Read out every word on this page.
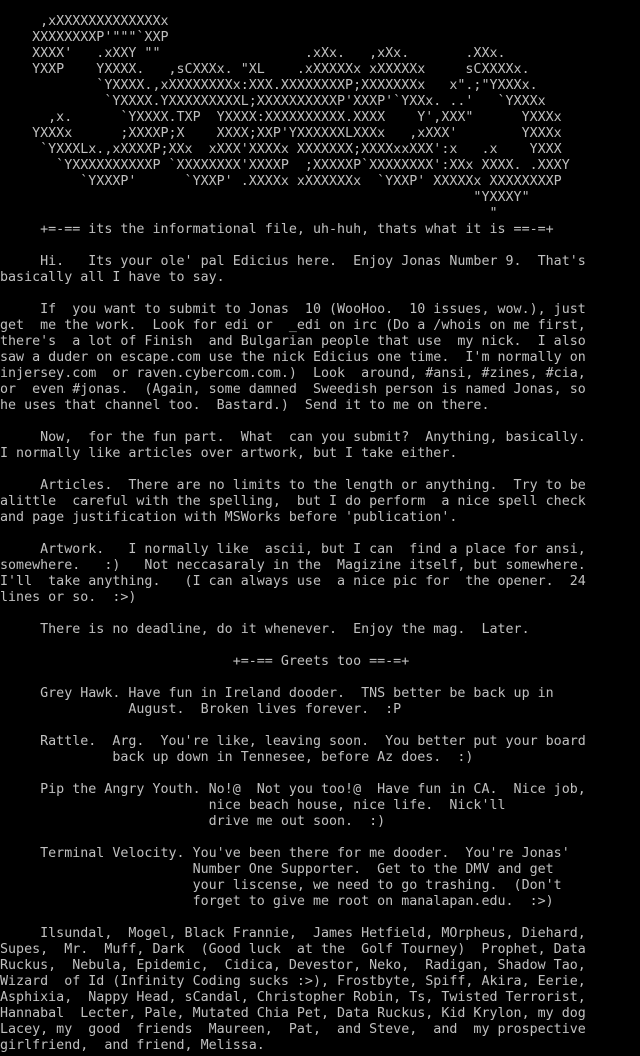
,xXXXXXXXXXXXXXx
XXXXXXXXP'"""`XXP
XXXX'   .xXXY ""                  .xXx.   ,xXx.       .XXx.
YXXP    YXXXX.   ,sCXXXx. "XL    .xXXXXXx xXXXXXx     sCXXXXx.
`YXXXX.,xXXXXXXXXx:XXX.XXXXXXXXP;XXXXXXXx   x".;"YXXXx.
`YXXXX.YXXXXXXXXXL;XXXXXXXXXXP'XXXP'`YXXx. ..'   `YXXXx
,x.      `YXXXX.TXP  YXXXX:XXXXXXXXXX.XXXX    Y',XXX"      YXXXx
YXXXx      ;XXXXP;X    XXXX;XXP'YXXXXXXLXXXx   ,xXXX'        YXXXx
`YXXXLx.,xXXXXP;XXx  xXXX'XXXXx XXXXXXX;XXXXxxXXX':x   .x    YXXX
`YXXXXXXXXXXP `XXXXXXXX'XXXXP  ;XXXXXP`XXXXXXXX':XXx XXXX. .XXXY
`YXXXP'      `YXXP' .XXXXx xXXXXXXx  `YXXP' XXXXXx XXXXXXXXP
"YXXXY"
"
+=-== its the informational file, uh-huh, thats what it is ==-=+
Hi.   Its your ole' pal Edicius here.  Enjoy Jonas Number 9.  That's
basically all I have to say.
If  you want to submit to Jonas  10 (WooHoo.  10 issues, wow.), just
get  me the work.  Look for edi or  _edi on irc (Do a /whois on me first,
there's  a lot of Finish  and Bulgarian people that use  my nick.  I also
saw a duder on escape.com use the nick Edicius one time.  I'm normally on
injersey.com  or raven.cybercom.com.)  Look  around, #ansi, #zines, #cia,
or  even #jonas.  (Again, some damned  Sweedish person is named Jonas, so
he uses that channel too.  Bastard.)  Send it to me on there.
Now,  for the fun part.  What  can you submit?  Anything, basically.
I normally like articles over artwork, but I take either.
Articles.  There are no limits to the length or anything.  Try to be
alittle  careful with the spelling,  but I do perform  a nice spell check
and page justification with MSWorks before 'publication'.
Artwork.   I normally like  ascii, but I can  find a place for ansi,
somewhere.   :)   Not neccasaraly in the  Magizine itself, but somewhere.
I'll  take anything.   (I can always use  a nice pic for  the opener.  24
lines or so.  :>)
There is no deadline, do it whenever.  Enjoy the mag.  Later.
+=-== Greets too ==-=+
Grey Hawk. Have fun in Ireland dooder.  TNS better be back up in
August.  Broken lives forever.  :P
Rattle.  Arg.  You're like, leaving soon.  You better put your board
back up down in Tennesee, before Az does.  :)
Pip the Angry Youth. No!@  Not you too!@  Have fun in CA.  Nice job,
nice beach house, nice life.  Nick'll
drive me out soon.  :)
Terminal Velocity. You've been there for me dooder.  You're Jonas'
Number One Supporter.  Get to the DMV and get
your liscense, we need to go trashing.  (Don't
forget to give me root on manalapan.edu.  :>)
Ilsundal,  Mogel, Black Frannie,  James Hetfield, MOrpheus, Diehard,
Supes,  Mr.  Muff, Dark  (Good luck  at the  Golf Tourney)  Prophet, Data
Ruckus,  Nebula, Epidemic,  Cidica, Devestor, Neko,  Radigan, Shadow Tao,
Wizard  of Id (Infinity Coding sucks :>), Frostbyte, Spiff, Akira, Eerie,
Asphixia,  Nappy Head, sCandal, Christopher Robin, Ts, Twisted Terrorist,
Hannabal  Lecter, Pale, Mutated Chia Pet, Data Ruckus, Kid Krylon, my dog
Lacey, my  good  friends  Maureen,  Pat,  and Steve,  and  my prospective
girlfriend,  and friend, Melissa.
